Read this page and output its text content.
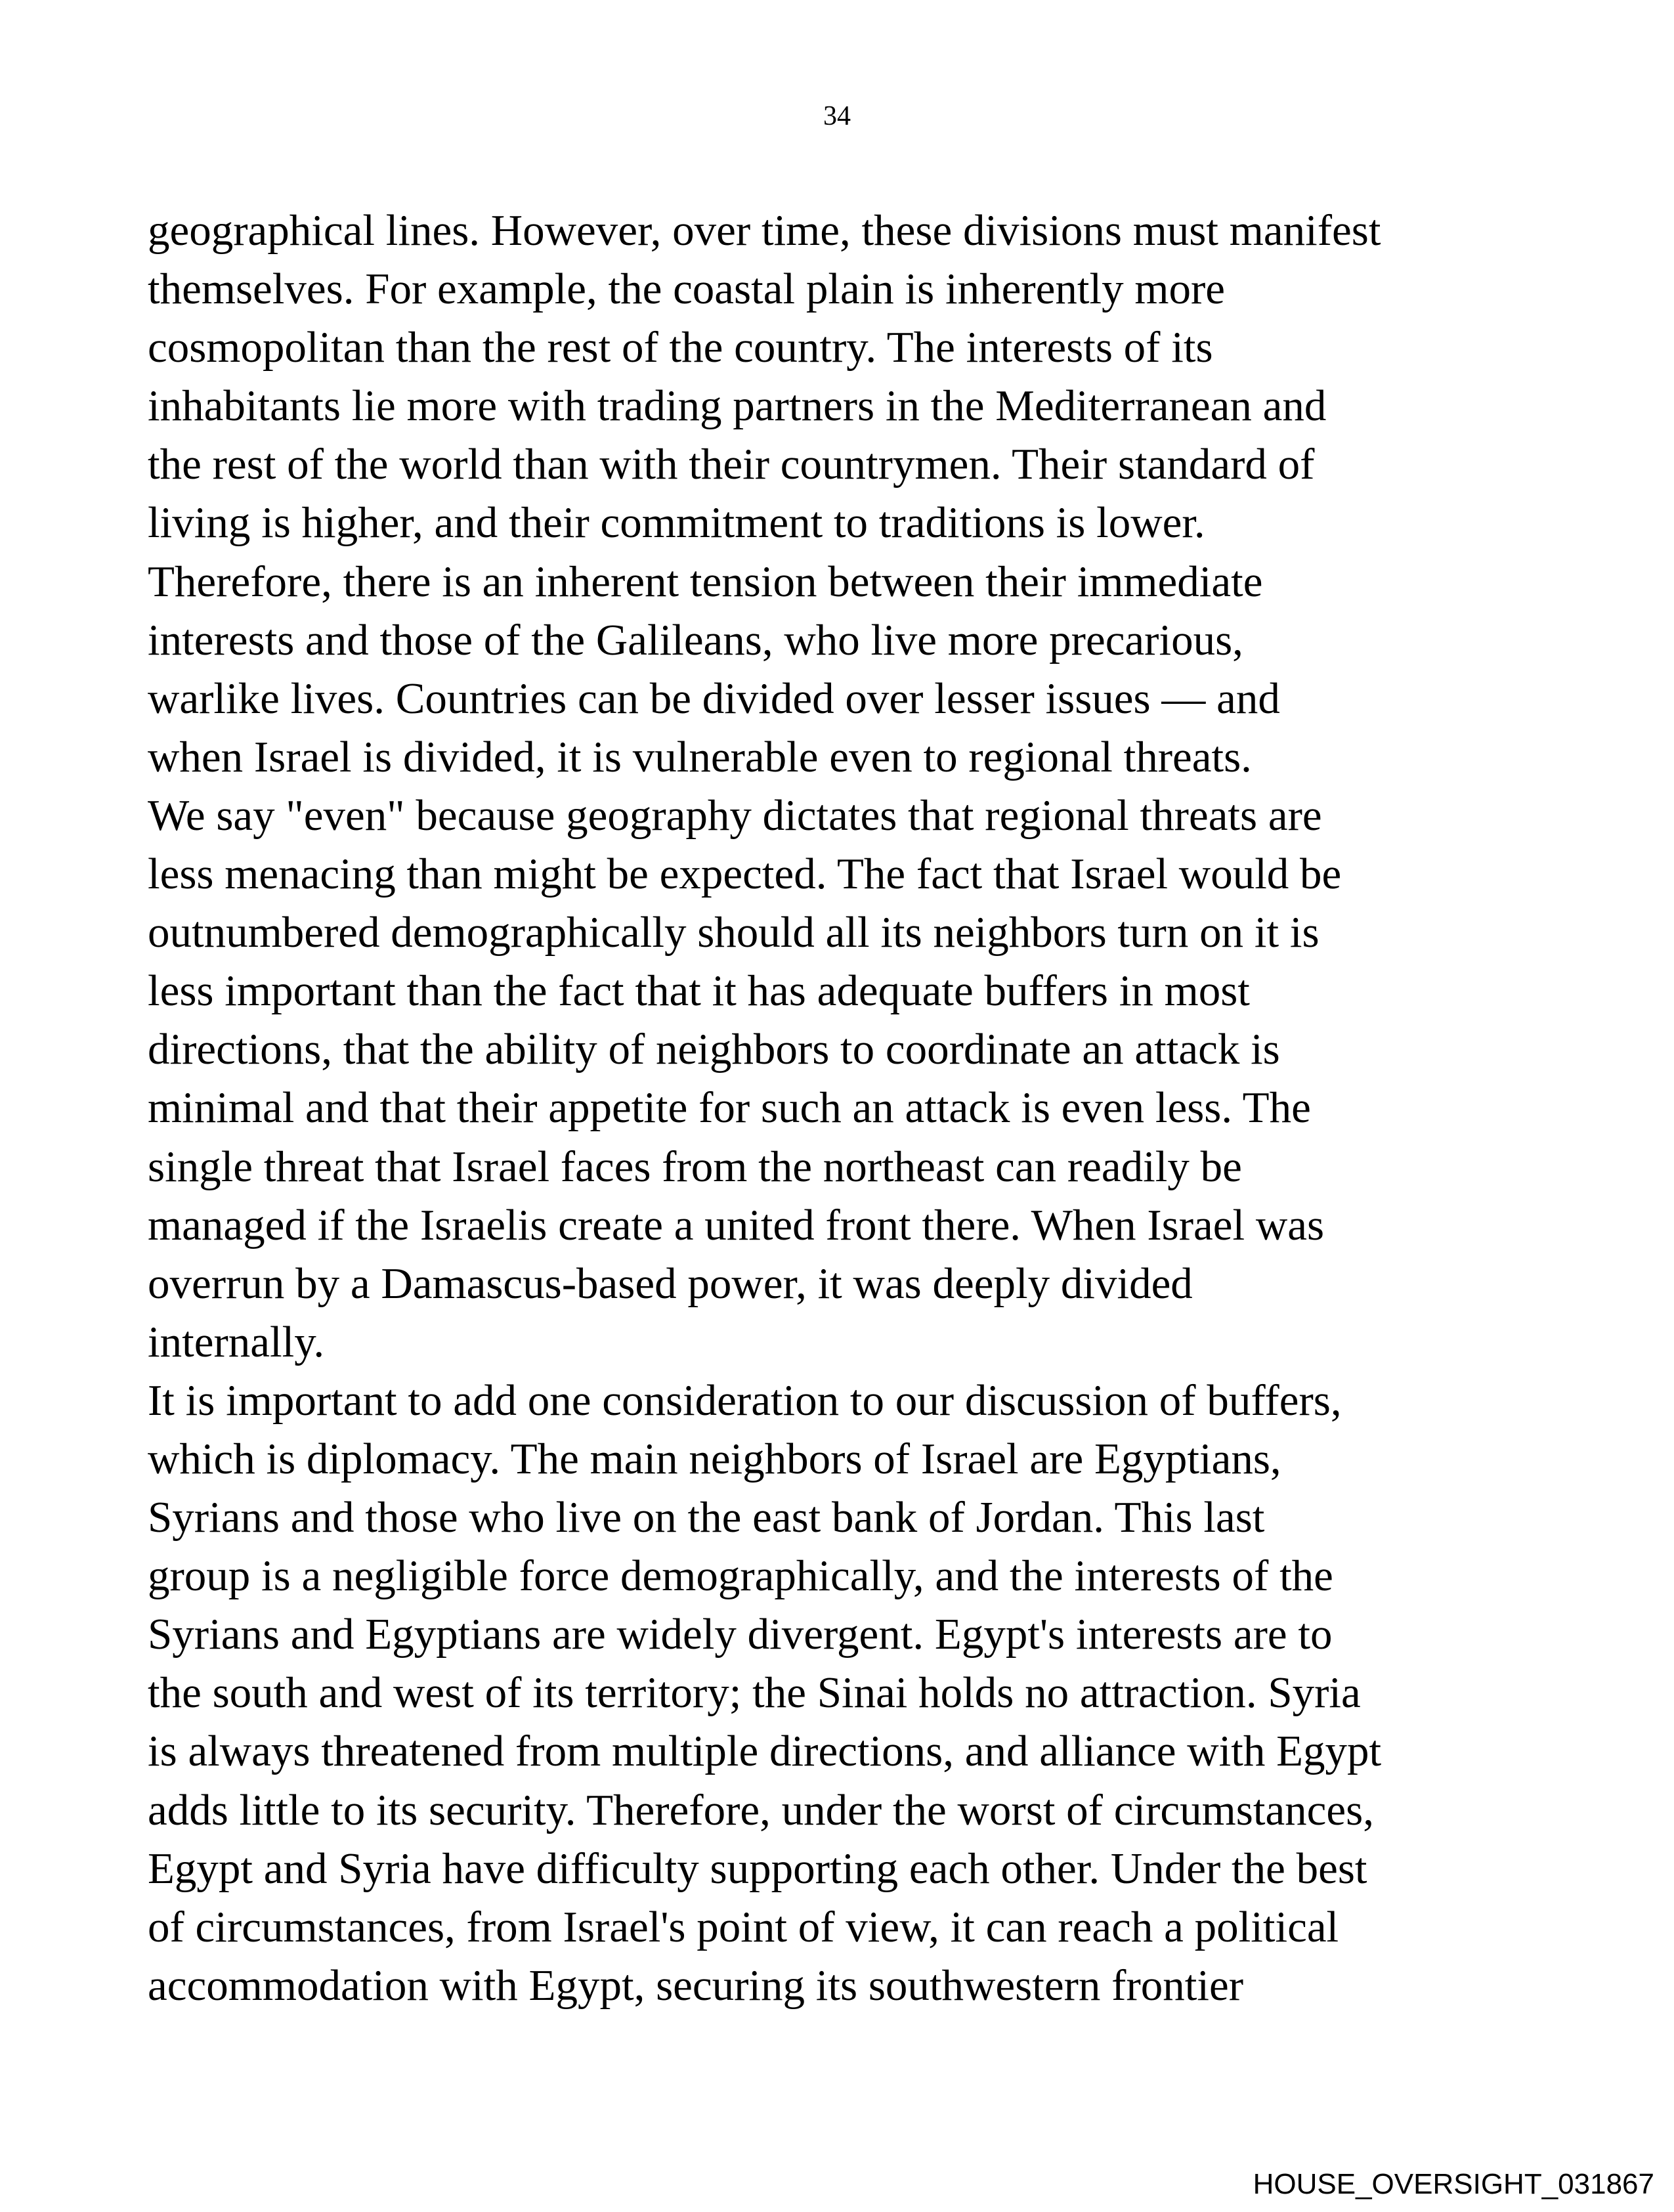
34
geographical lines. However, over time, these divisions must manifest
themselves. For example, the coastal plain is inherently more
cosmopolitan than the rest of the country. The interests of its
inhabitants lie more with trading partners in the Mediterranean and
the rest of the world than with their countrymen. Their standard of
living is higher, and their commitment to traditions is lower.
Therefore, there is an inherent tension between their immediate
interests and those of the Galileans, who live more precarious,
warlike lives. Countries can be divided over lesser issues — and
when Israel is divided, it is vulnerable even to regional threats.
We say "even" because geography dictates that regional threats are
less menacing than might be expected. The fact that Israel would be
outnumbered demographically should all its neighbors turn on it is
less important than the fact that it has adequate buffers in most
directions, that the ability of neighbors to coordinate an attack is
minimal and that their appetite for such an attack is even less. The
single threat that Israel faces from the northeast can readily be
managed if the Israelis create a united front there. When Israel was
overrun by a Damascus-based power, it was deeply divided
internally.
It is important to add one consideration to our discussion of buffers,
which is diplomacy. The main neighbors of Israel are Egyptians,
Syrians and those who live on the east bank of Jordan. This last
group is a negligible force demographically, and the interests of the
Syrians and Egyptians are widely divergent. Egypt's interests are to
the south and west of its territory; the Sinai holds no attraction. Syria
is always threatened from multiple directions, and alliance with Egypt
adds little to its security. Therefore, under the worst of circumstances,
Egypt and Syria have difficulty supporting each other. Under the best
of circumstances, from Israel's point of view, it can reach a political
accommodation with Egypt, securing its southwestern frontier
HOUSE_OVERSIGHT_031867
